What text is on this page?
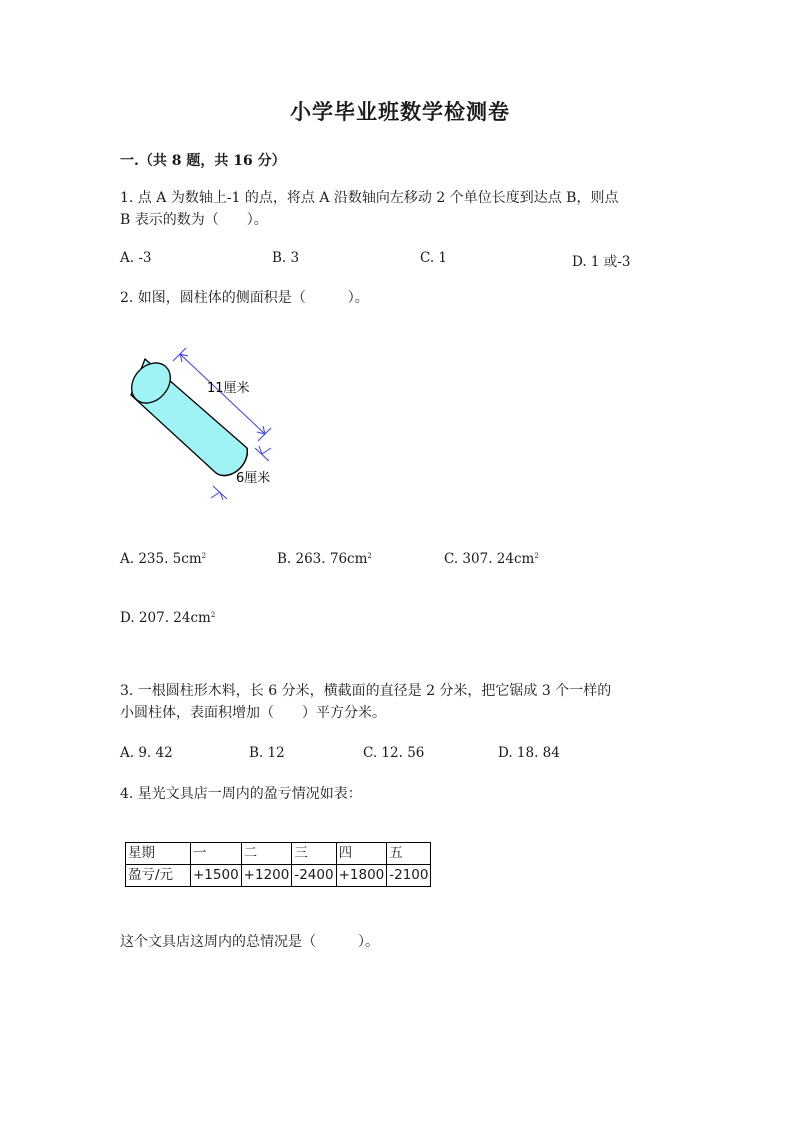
小学毕业班数学检测卷
一.（共 8 题，共 16 分）
1. 点 A 为数轴上-1 的点，将点 A 沿数轴向左移动 2 个单位长度到达点 B，则点
B 表示的数为（　　）。
A. -3	B. 3	C. 1	D. 1 或-3
2. 如图，圆柱体的侧面积是（　　　）。
11厘米
6厘米
A. 235. $5cm^2$	B. 263. $76cm^2$	C. 307. $24cm^2$
D. 207. $24cm^2$
3. 一根圆柱形木料，长 6 分米，横截面的直径是 2 分米，把它锯成 3 个一样的
小圆柱体，表面积增加（　　）平方分米。
A. 9. 42	B. 12	C. 12. 56	D. 18. 84
4. 星光文具店一周内的盈亏情况如表：
星期	一	二	三	四	五
盈亏/元	+1500	+1200	-2400	+1800	-2100
这个文具店这周内的总情况是（　　　）。
